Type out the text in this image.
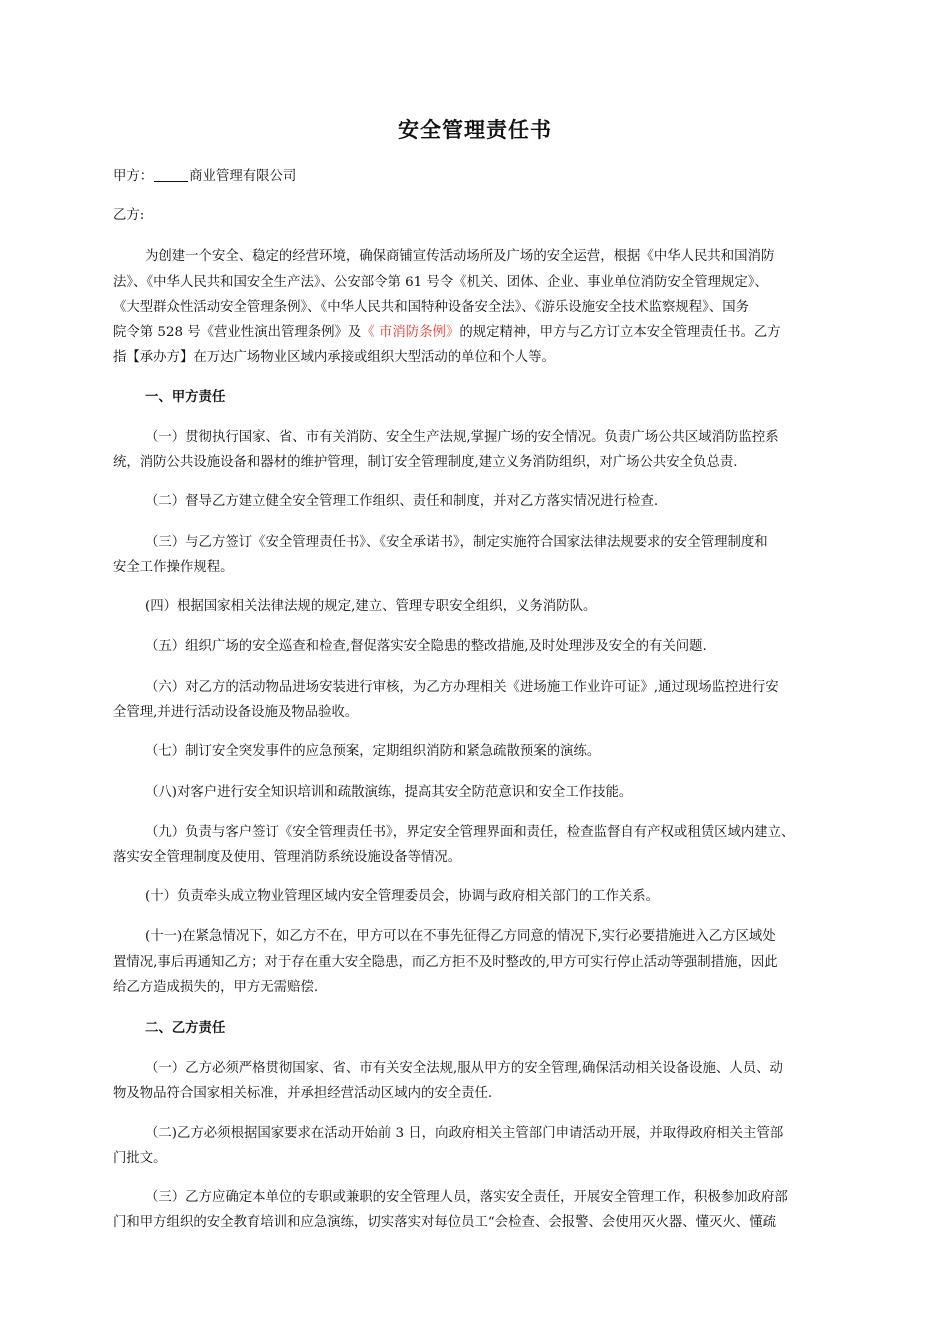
安全管理责任书
甲方：	商业管理有限公司
乙方:
为创建一个安全、稳定的经营环境，确保商铺宣传活动场所及广场的安全运营，根据《中华人民共和国消防
法》、《中华人民共和国安全生产法》、公安部令第 61 号令《机关、团体、企业、事业单位消防安全管理规定》、
《大型群众性活动安全管理条例》、《中华人民共和国特种设备安全法》、《游乐设施安全技术监察规程》、国务
院令第 528 号《营业性演出管理条例》及《 市消防条例》的规定精神，甲方与乙方订立本安全管理责任书。乙方
指【承办方】在万达广场物业区域内承接或组织大型活动的单位和个人等。
一、甲方责任
（一）贯彻执行国家、省、市有关消防、安全生产法规,掌握广场的安全情况。负责广场公共区域消防监控系
统，消防公共设施设备和器材的维护管理，制订安全管理制度,建立义务消防组织，对广场公共安全负总责.
（二）督导乙方建立健全安全管理工作组织、责任和制度，并对乙方落实情况进行检查.
（三）与乙方签订《安全管理责任书》、《安全承诺书》，制定实施符合国家法律法规要求的安全管理制度和
安全工作操作规程。
(四）根据国家相关法律法规的规定,建立、管理专职安全组织，义务消防队。
（五）组织广场的安全巡查和检查,督促落实安全隐患的整改措施,及时处理涉及安全的有关问题.
（六）对乙方的活动物品进场安装进行审核，为乙方办理相关《进场施工作业许可证》,通过现场监控进行安
全管理,并进行活动设备设施及物品验收。
（七）制订安全突发事件的应急预案，定期组织消防和紧急疏散预案的演练。
（八)对客户进行安全知识培训和疏散演练，提高其安全防范意识和安全工作技能。
（九）负责与客户签订《安全管理责任书》，界定安全管理界面和责任，检查监督自有产权或租赁区域内建立、
落实安全管理制度及使用、管理消防系统设施设备等情况。
(十）负责牵头成立物业管理区域内安全管理委员会，协调与政府相关部门的工作关系。
(十一)在紧急情况下，如乙方不在，甲方可以在不事先征得乙方同意的情况下,实行必要措施进入乙方区域处
置情况,事后再通知乙方；对于存在重大安全隐患，而乙方拒不及时整改的,甲方可实行停止活动等强制措施，因此
给乙方造成损失的，甲方无需赔偿.
二、乙方责任
（一）乙方必须严格贯彻国家、省、市有关安全法规,服从甲方的安全管理,确保活动相关设备设施、人员、动
物及物品符合国家相关标准，并承担经营活动区域内的安全责任.
（二)乙方必须根据国家要求在活动开始前 3 日，向政府相关主管部门申请活动开展，并取得政府相关主管部
门批文。
（三）乙方应确定本单位的专职或兼职的安全管理人员，落实安全责任，开展安全管理工作，积极参加政府部
门和甲方组织的安全教育培训和应急演练，切实落实对每位员工“会检查、会报警、会使用灭火器、懂灭火、懂疏
